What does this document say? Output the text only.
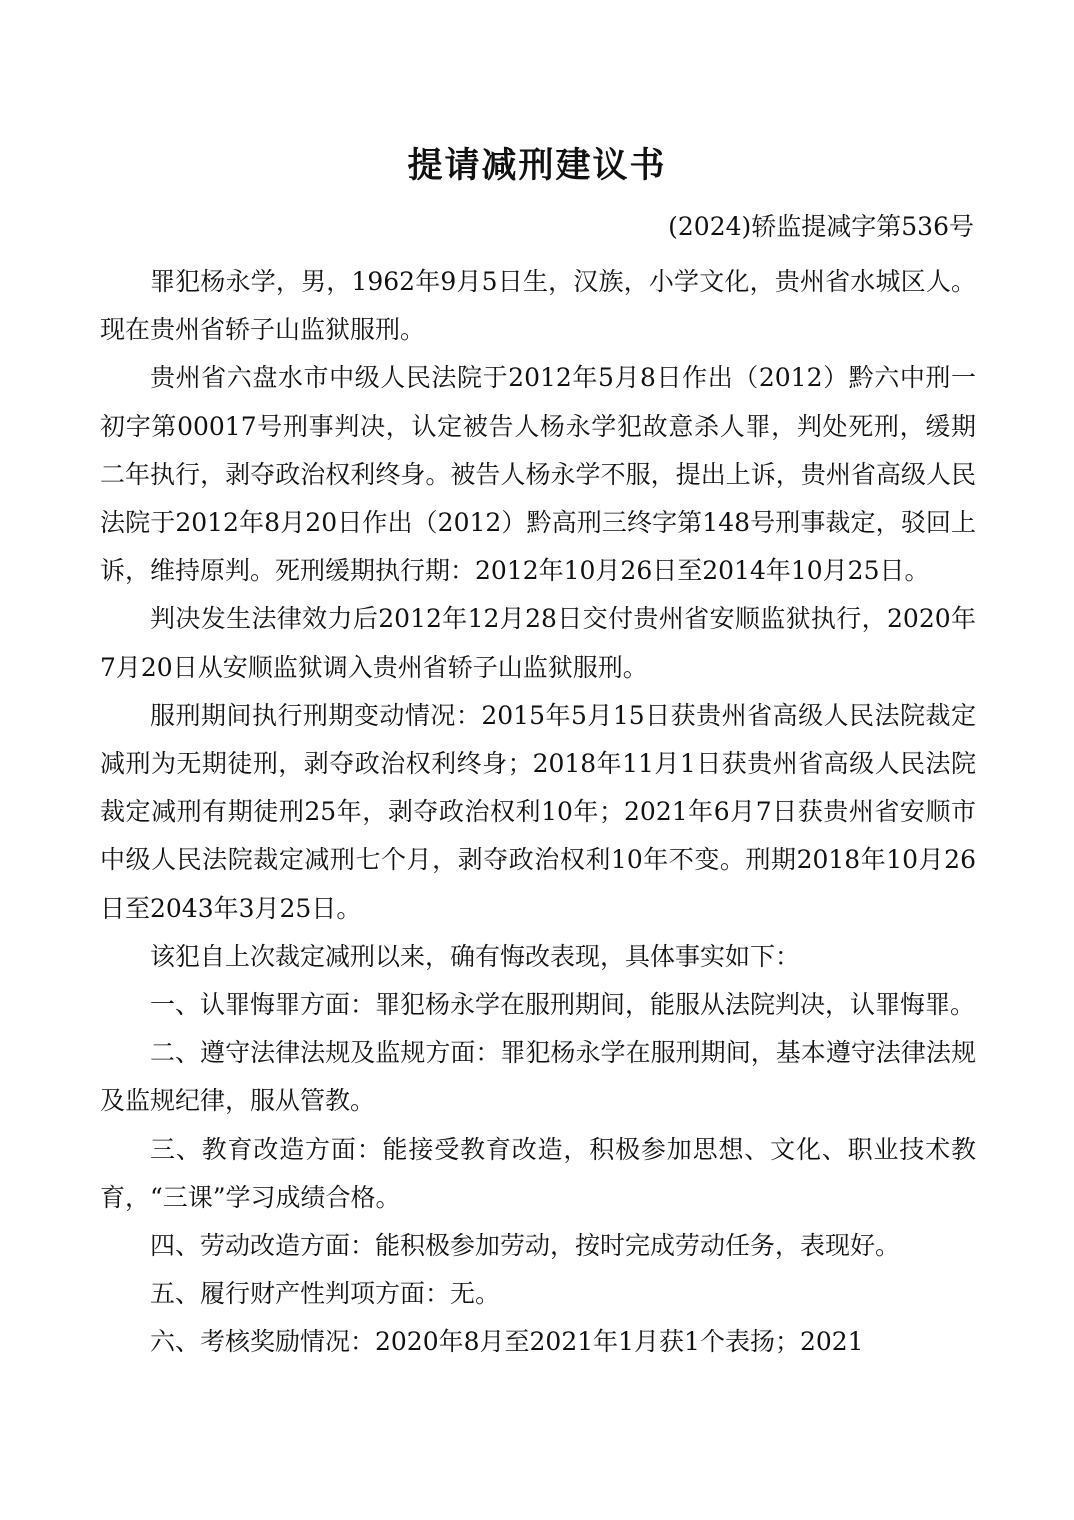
提请减刑建议书
(2024)轿监提减字第536号

罪犯杨永学，男，1962年9月5日生，汉族，小学文化，贵州省水城区人。现在贵州省轿子山监狱服刑。

贵州省六盘水市中级人民法院于2012年5月8日作出（2012）黔六中刑一初字第00017号刑事判决，认定被告人杨永学犯故意杀人罪，判处死刑，缓期二年执行，剥夺政治权利终身。被告人杨永学不服，提出上诉，贵州省高级人民法院于2012年8月20日作出（2012）黔高刑三终字第148号刑事裁定，驳回上诉，维持原判。死刑缓期执行期：2012年10月26日至2014年10月25日。

判决发生法律效力后2012年12月28日交付贵州省安顺监狱执行，2020年7月20日从安顺监狱调入贵州省轿子山监狱服刑。

服刑期间执行刑期变动情况：2015年5月15日获贵州省高级人民法院裁定减刑为无期徒刑，剥夺政治权利终身；2018年11月1日获贵州省高级人民法院裁定减刑有期徒刑25年，剥夺政治权利10年；2021年6月7日获贵州省安顺市中级人民法院裁定减刑七个月，剥夺政治权利10年不变。刑期2018年10月26日至2043年3月25日。

该犯自上次裁定减刑以来，确有悔改表现，具体事实如下：

一、认罪悔罪方面：罪犯杨永学在服刑期间，能服从法院判决，认罪悔罪。

二、遵守法律法规及监规方面：罪犯杨永学在服刑期间，基本遵守法律法规及监规纪律，服从管教。

三、教育改造方面：能接受教育改造，积极参加思想、文化、职业技术教育，“三课”学习成绩合格。

四、劳动改造方面：能积极参加劳动，按时完成劳动任务，表现好。

五、履行财产性判项方面：无。

六、考核奖励情况：2020年8月至2021年1月获1个表扬；2021
